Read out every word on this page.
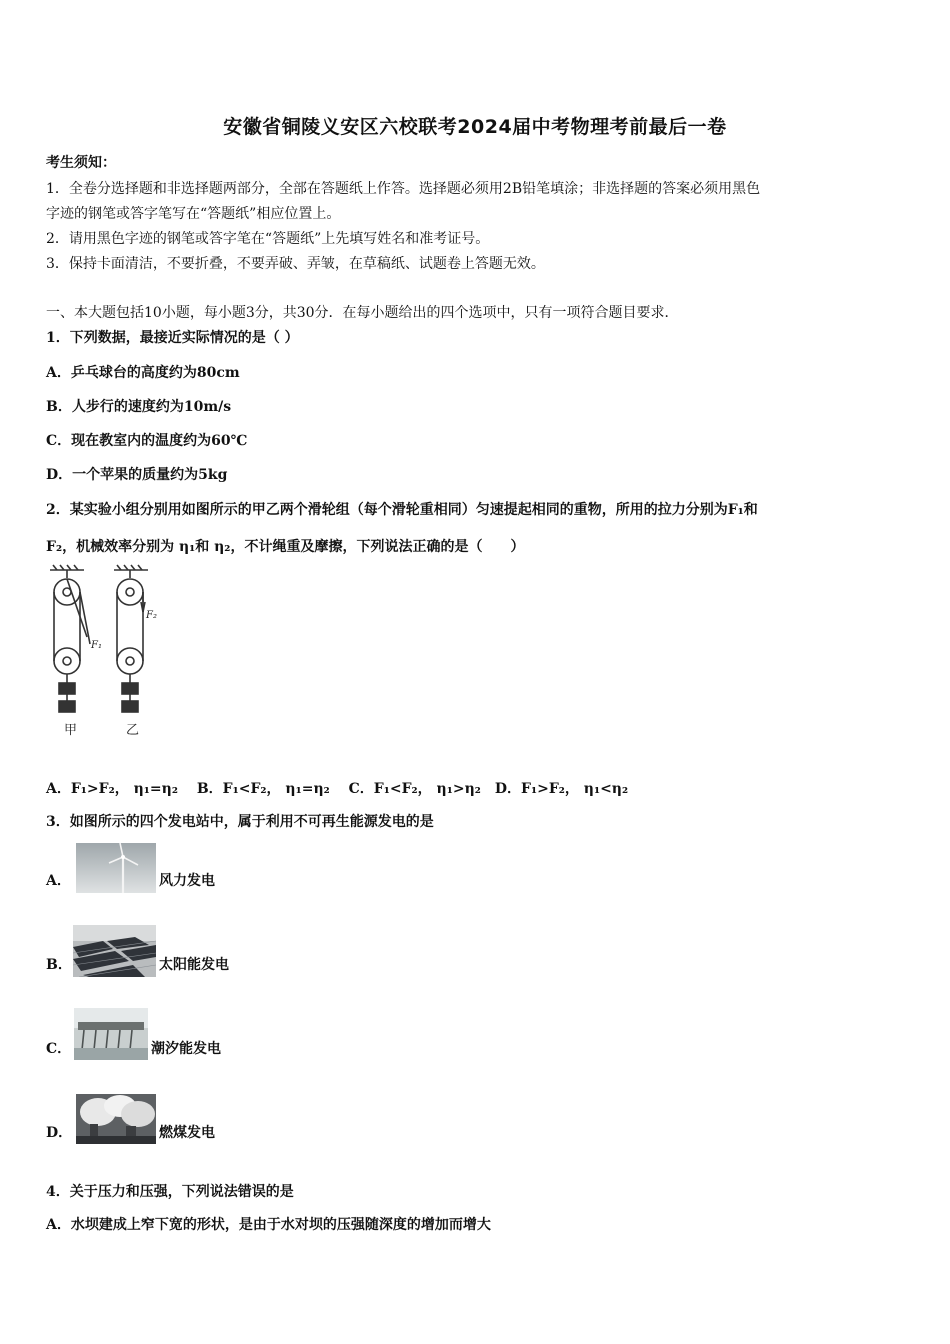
安徽省铜陵义安区六校联考2024届中考物理考前最后一卷
考生须知：
1．全卷分选择题和非选择题两部分，全部在答题纸上作答。选择题必须用2B铅笔填涂；非选择题的答案必须用黑色
字迹的钢笔或答字笔写在“答题纸”相应位置上。
2．请用黑色字迹的钢笔或答字笔在“答题纸”上先填写姓名和准考证号。
3．保持卡面清洁，不要折叠，不要弄破、弄皱，在草稿纸、试题卷上答题无效。
一、本大题包括10小题，每小题3分，共30分．在每小题给出的四个选项中，只有一项符合题目要求．
1．下列数据，最接近实际情况的是（ ）
A．乒乓球台的高度约为80cm
B．人步行的速度约为10m/s
C．现在教室内的温度约为60℃
D．一个苹果的质量约为5kg
2．某实验小组分别用如图所示的甲乙两个滑轮组（每个滑轮重相同）匀速提起相同的重物，所用的拉力分别为F₁和
F₂，机械效率分别为 η₁和 η₂，不计绳重及摩擦，下列说法正确的是（　　）
F₁
F₂
甲	乙
A．F₁>F₂， η₁=η₂　 B．F₁<F₂， η₁=η₂　 C．F₁<F₂， η₁>η₂　D．F₁>F₂， η₁<η₂
3．如图所示的四个发电站中，属于利用不可再生能源发电的是
A．	风力发电
B．	太阳能发电
C．	潮汐能发电
D．	燃煤发电
4．关于压力和压强，下列说法错误的是
A．水坝建成上窄下宽的形状，是由于水对坝的压强随深度的增加而增大
